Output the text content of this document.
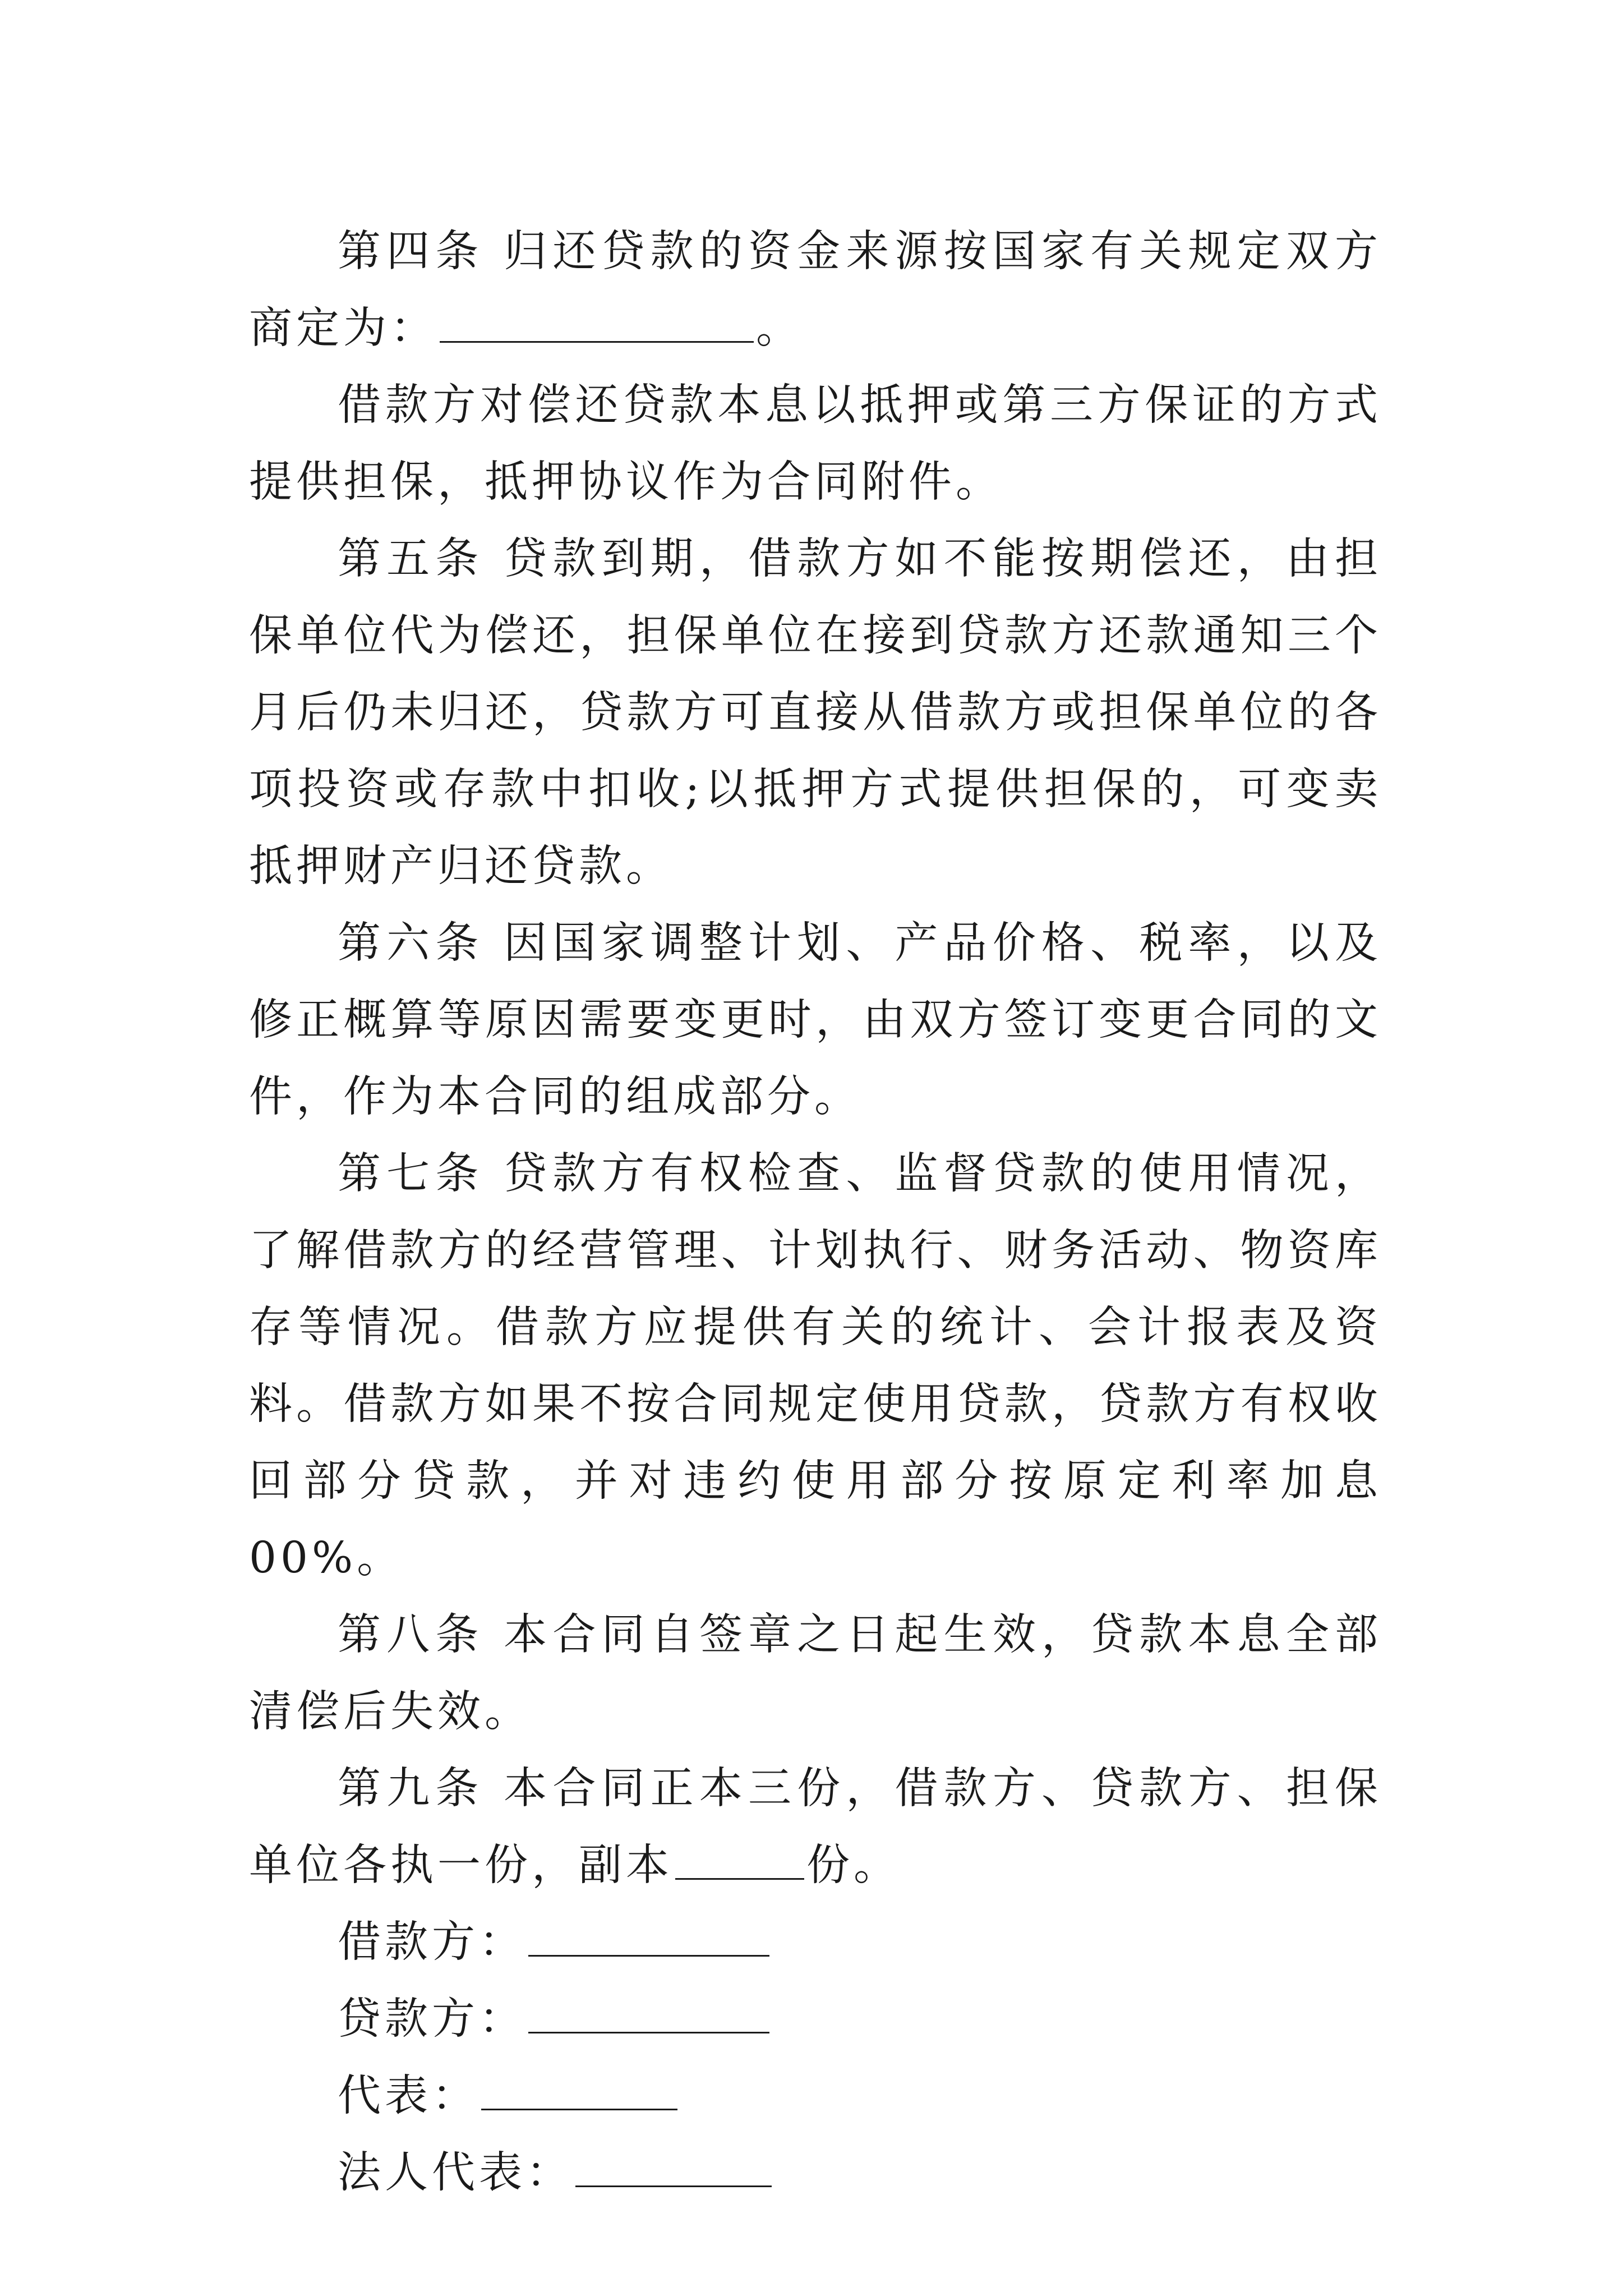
第四条 归还贷款的资金来源按国家有关规定双方商定为：	。

借款方对偿还贷款本息以抵押或第三方保证的方式提供担保，抵押协议作为合同附件。

第五条 贷款到期，借款方如不能按期偿还，由担保单位代为偿还，担保单位在接到贷款方还款通知三个月后仍未归还，贷款方可直接从借款方或担保单位的各项投资或存款中扣收;以抵押方式提供担保的，可变卖抵押财产归还贷款。

第六条 因国家调整计划、产品价格、税率，以及修正概算等原因需要变更时，由双方签订变更合同的文件，作为本合同的组成部分。

第七条 贷款方有权检查、监督贷款的使用情况，了解借款方的经营管理、计划执行、财务活动、物资库存等情况。借款方应提供有关的统计、会计报表及资料。借款方如果不按合同规定使用贷款，贷款方有权收回部分贷款，并对违约使用部分按原定利率加息00%。

第八条 本合同自签章之日起生效，贷款本息全部清偿后失效。

第九条 本合同正本三份，借款方、贷款方、担保单位各执一份，副本	份。

借款方：

贷款方：

代表：

法人代表：
